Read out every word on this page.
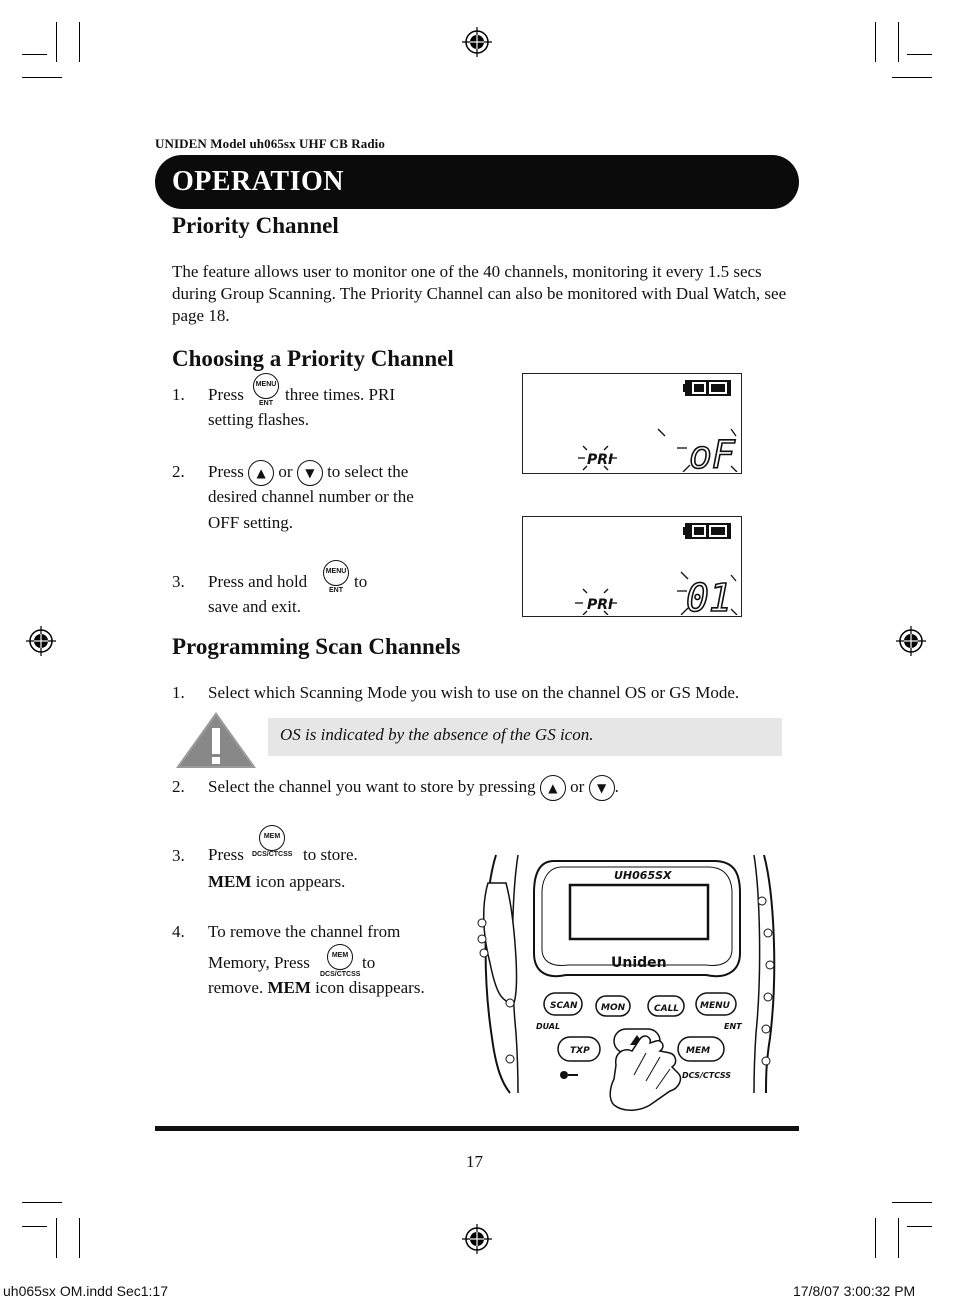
UNIDEN Model uh065sx UHF CB Radio
OPERATION
Priority Channel
The feature allows user to monitor one of the 40 channels, monitoring it every 1.5 secs during Group Scanning. The Priority Channel can also be monitored with Dual Watch, see page 18.
Choosing a Priority Channel
1. Press
MENU
ENT three times. PRI
setting flashes.
2. Press ▲ or ▼ to select the
desired channel number or the
OFF setting.
3. Press and hold
MENU
ENT to
save and exit.
PRI oF
PRI 01
Programming Scan Channels
1. Select which Scanning Mode you wish to use on the channel OS or GS Mode.
OS is indicated by the absence of the GS icon.
2. Select the channel you want to store by pressing ▲ or ▼ .
3. Press
MEM
DCS/CTCSS to store.
MEM icon appears.
4. To remove the channel from
Memory, Press	MEM
DCS/CTCSS
to
remove. MEM icon disappears.
UH065SX
Uniden
SCAN	MON	CALL MENU
DUAL	ENT
TXP	MEM
DCS/CTCSS
17
uh065sx OM.indd Sec1:17	17/8/07 3:00:32 PM
